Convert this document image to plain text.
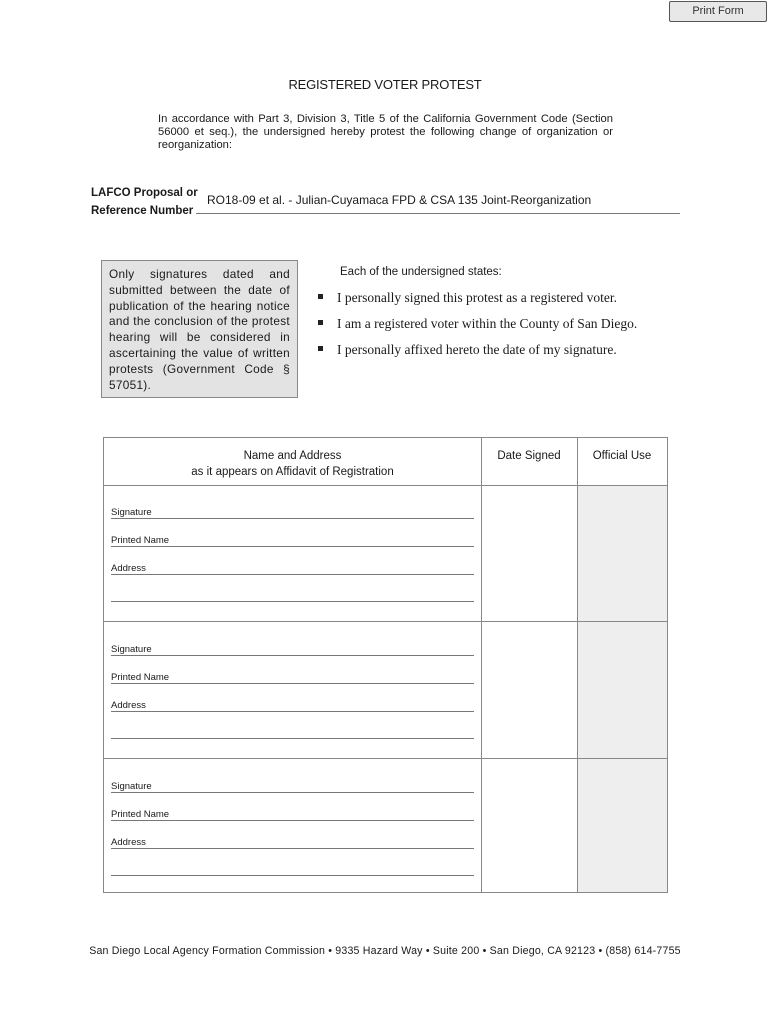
Print Form
REGISTERED VOTER PROTEST
In accordance with Part 3, Division 3, Title 5 of the California Government Code (Section 56000 et seq.), the undersigned hereby protest the following change of organization or reorganization:
LAFCO Proposal or
Reference Number
RO18-09 et al. - Julian-Cuyamaca FPD & CSA 135 Joint-Reorganization
Only signatures dated and submitted between the date of publication of the hearing notice and the conclusion of the protest hearing will be considered in ascertaining the value of written protests (Government Code § 57051).
Each of the undersigned states:
I personally signed this protest as a registered voter.
I am a registered voter within the County of San Diego.
I personally affixed hereto the date of my signature.
Name and Address
as it appears on Affidavit of Registration
Date Signed	Official Use
Signature
Printed Name
Address
Signature
Printed Name
Address
Signature
Printed Name
Address
San Diego Local Agency Formation Commission • 9335 Hazard Way • Suite 200 • San Diego, CA 92123 • (858) 614-7755
